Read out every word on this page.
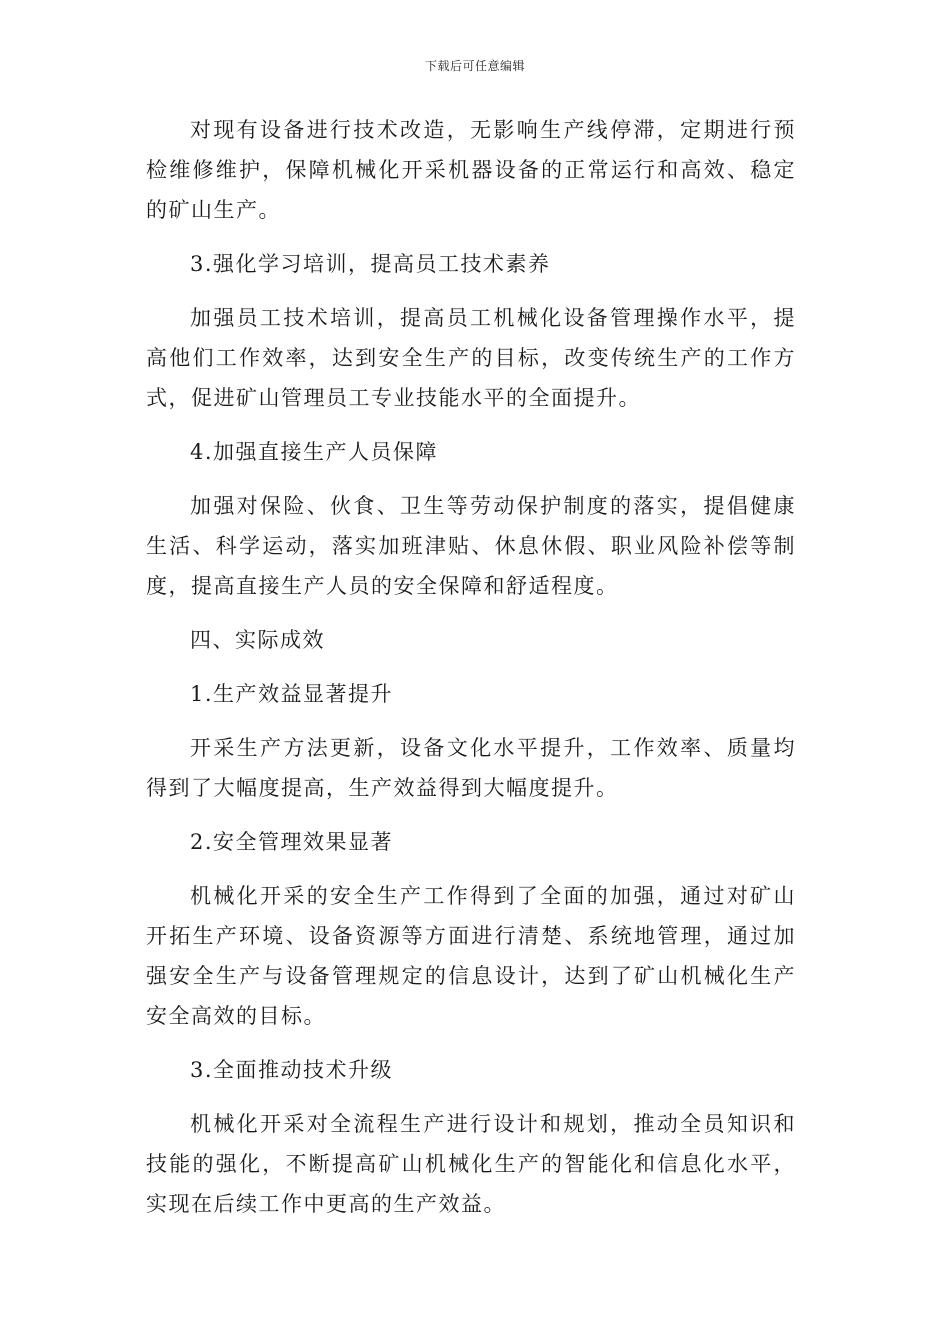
下载后可任意编辑

对现有设备进行技术改造，无影响生产线停滞，定期进行预检维修维护，保障机械化开采机器设备的正常运行和高效、稳定的矿山生产。

3.强化学习培训，提高员工技术素养

加强员工技术培训，提高员工机械化设备管理操作水平，提高他们工作效率，达到安全生产的目标，改变传统生产的工作方式，促进矿山管理员工专业技能水平的全面提升。

4.加强直接生产人员保障

加强对保险、伙食、卫生等劳动保护制度的落实，提倡健康生活、科学运动，落实加班津贴、休息休假、职业风险补偿等制度，提高直接生产人员的安全保障和舒适程度。

四、实际成效

1.生产效益显著提升

开采生产方法更新，设备文化水平提升，工作效率、质量均得到了大幅度提高，生产效益得到大幅度提升。

2.安全管理效果显著

机械化开采的安全生产工作得到了全面的加强，通过对矿山开拓生产环境、设备资源等方面进行清楚、系统地管理，通过加强安全生产与设备管理规定的信息设计，达到了矿山机械化生产安全高效的目标。

3.全面推动技术升级

机械化开采对全流程生产进行设计和规划，推动全员知识和技能的强化，不断提高矿山机械化生产的智能化和信息化水平，实现在后续工作中更高的生产效益。
